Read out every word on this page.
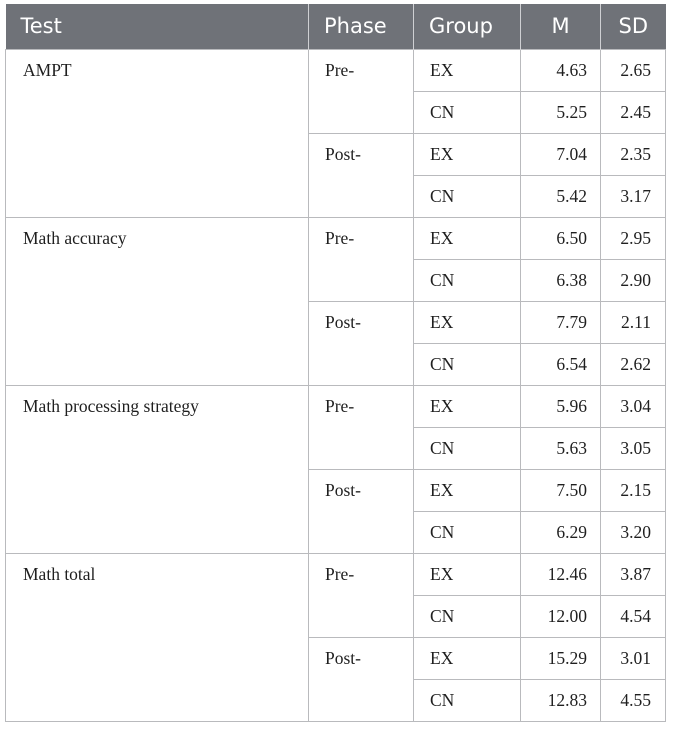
Test	Phase	Group	M	SD
AMPT	Pre-	EX	4.63	2.65
		CN	5.25	2.45
	Post-	EX	7.04	2.35
		CN	5.42	3.17
Math accuracy	Pre-	EX	6.50	2.95
		CN	6.38	2.90
	Post-	EX	7.79	2.11
		CN	6.54	2.62
Math processing strategy	Pre-	EX	5.96	3.04
		CN	5.63	3.05
	Post-	EX	7.50	2.15
		CN	6.29	3.20
Math total	Pre-	EX	12.46	3.87
		CN	12.00	4.54
	Post-	EX	15.29	3.01
		CN	12.83	4.55
